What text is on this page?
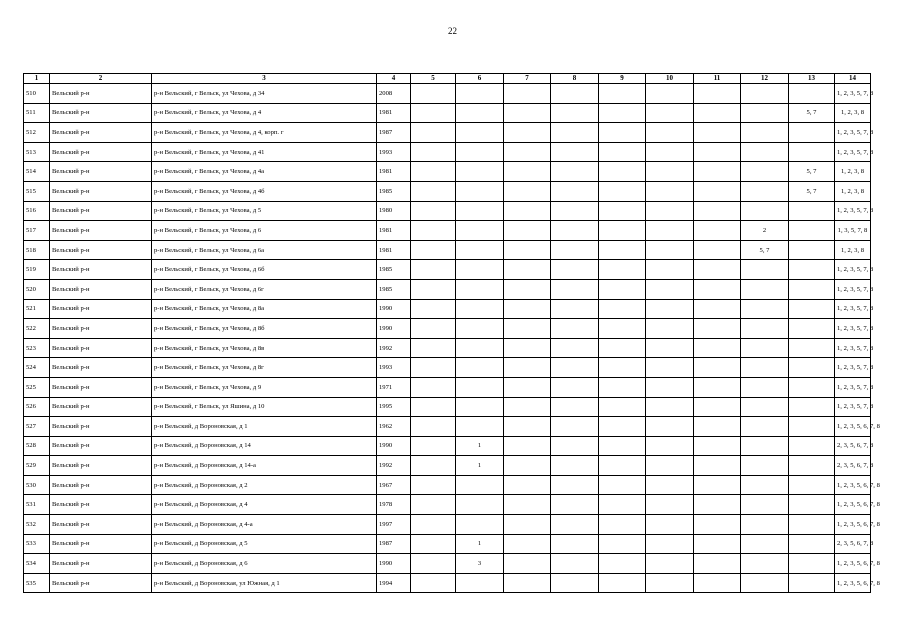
22
1	2	3	4	5	6	7	8	9	10	11	12	13	14
510	Вельский р-н	р-н Вельский, г Вельск, ул Чехова, д 34	2008										1, 2, 3, 5, 7, 8
511	Вельский р-н	р-н Вельский, г Вельск, ул Чехова, д 4	1981									5, 7	1, 2, 3, 8
512	Вельский р-н	р-н Вельский, г Вельск, ул Чехова, д 4, корп. г	1987										1, 2, 3, 5, 7, 8
513	Вельский р-н	р-н Вельский, г Вельск, ул Чехова, д 41	1993										1, 2, 3, 5, 7, 8
514	Вельский р-н	р-н Вельский, г Вельск, ул Чехова, д 4а	1981									5, 7	1, 2, 3, 8
515	Вельский р-н	р-н Вельский, г Вельск, ул Чехова, д 4б	1985									5, 7	1, 2, 3, 8
516	Вельский р-н	р-н Вельский, г Вельск, ул Чехова, д 5	1980										1, 2, 3, 5, 7, 8
517	Вельский р-н	р-н Вельский, г Вельск, ул Чехова, д 6	1981								2		1, 3, 5, 7, 8
518	Вельский р-н	р-н Вельский, г Вельск, ул Чехова, д 6а	1981								5, 7		1, 2, 3, 8
519	Вельский р-н	р-н Вельский, г Вельск, ул Чехова, д 6б	1985										1, 2, 3, 5, 7, 8
520	Вельский р-н	р-н Вельский, г Вельск, ул Чехова, д 6г	1985										1, 2, 3, 5, 7, 8
521	Вельский р-н	р-н Вельский, г Вельск, ул Чехова, д 8а	1990										1, 2, 3, 5, 7, 8
522	Вельский р-н	р-н Вельский, г Вельск, ул Чехова, д 8б	1990										1, 2, 3, 5, 7, 8
523	Вельский р-н	р-н Вельский, г Вельск, ул Чехова, д 8в	1992										1, 2, 3, 5, 7, 8
524	Вельский р-н	р-н Вельский, г Вельск, ул Чехова, д 8г	1993										1, 2, 3, 5, 7, 8
525	Вельский р-н	р-н Вельский, г Вельск, ул Чехова, д 9	1971										1, 2, 3, 5, 7, 8
526	Вельский р-н	р-н Вельский, г Вельск, ул Яшина, д 10	1995										1, 2, 3, 5, 7, 8
527	Вельский р-н	р-н Вельский, д Вороновская, д 1	1962										1, 2, 3, 5, 6, 7, 8
528	Вельский р-н	р-н Вельский, д Вороновская, д 14	1990		1								2, 3, 5, 6, 7, 8
529	Вельский р-н	р-н Вельский, д Вороновская, д 14-а	1992		1								2, 3, 5, 6, 7, 8
530	Вельский р-н	р-н Вельский, д Вороновская, д 2	1967										1, 2, 3, 5, 6, 7, 8
531	Вельский р-н	р-н Вельский, д Вороновская, д 4	1978										1, 2, 3, 5, 6, 7, 8
532	Вельский р-н	р-н Вельский, д Вороновская, д 4-а	1997										1, 2, 3, 5, 6, 7, 8
533	Вельский р-н	р-н Вельский, д Вороновская, д 5	1987		1								2, 3, 5, 6, 7, 8
534	Вельский р-н	р-н Вельский, д Вороновская, д 6	1990		3								1, 2, 3, 5, 6, 7, 8
535	Вельский р-н	р-н Вельский, д Вороновская, ул Южная, д 1	1994										1, 2, 3, 5, 6, 7, 8
